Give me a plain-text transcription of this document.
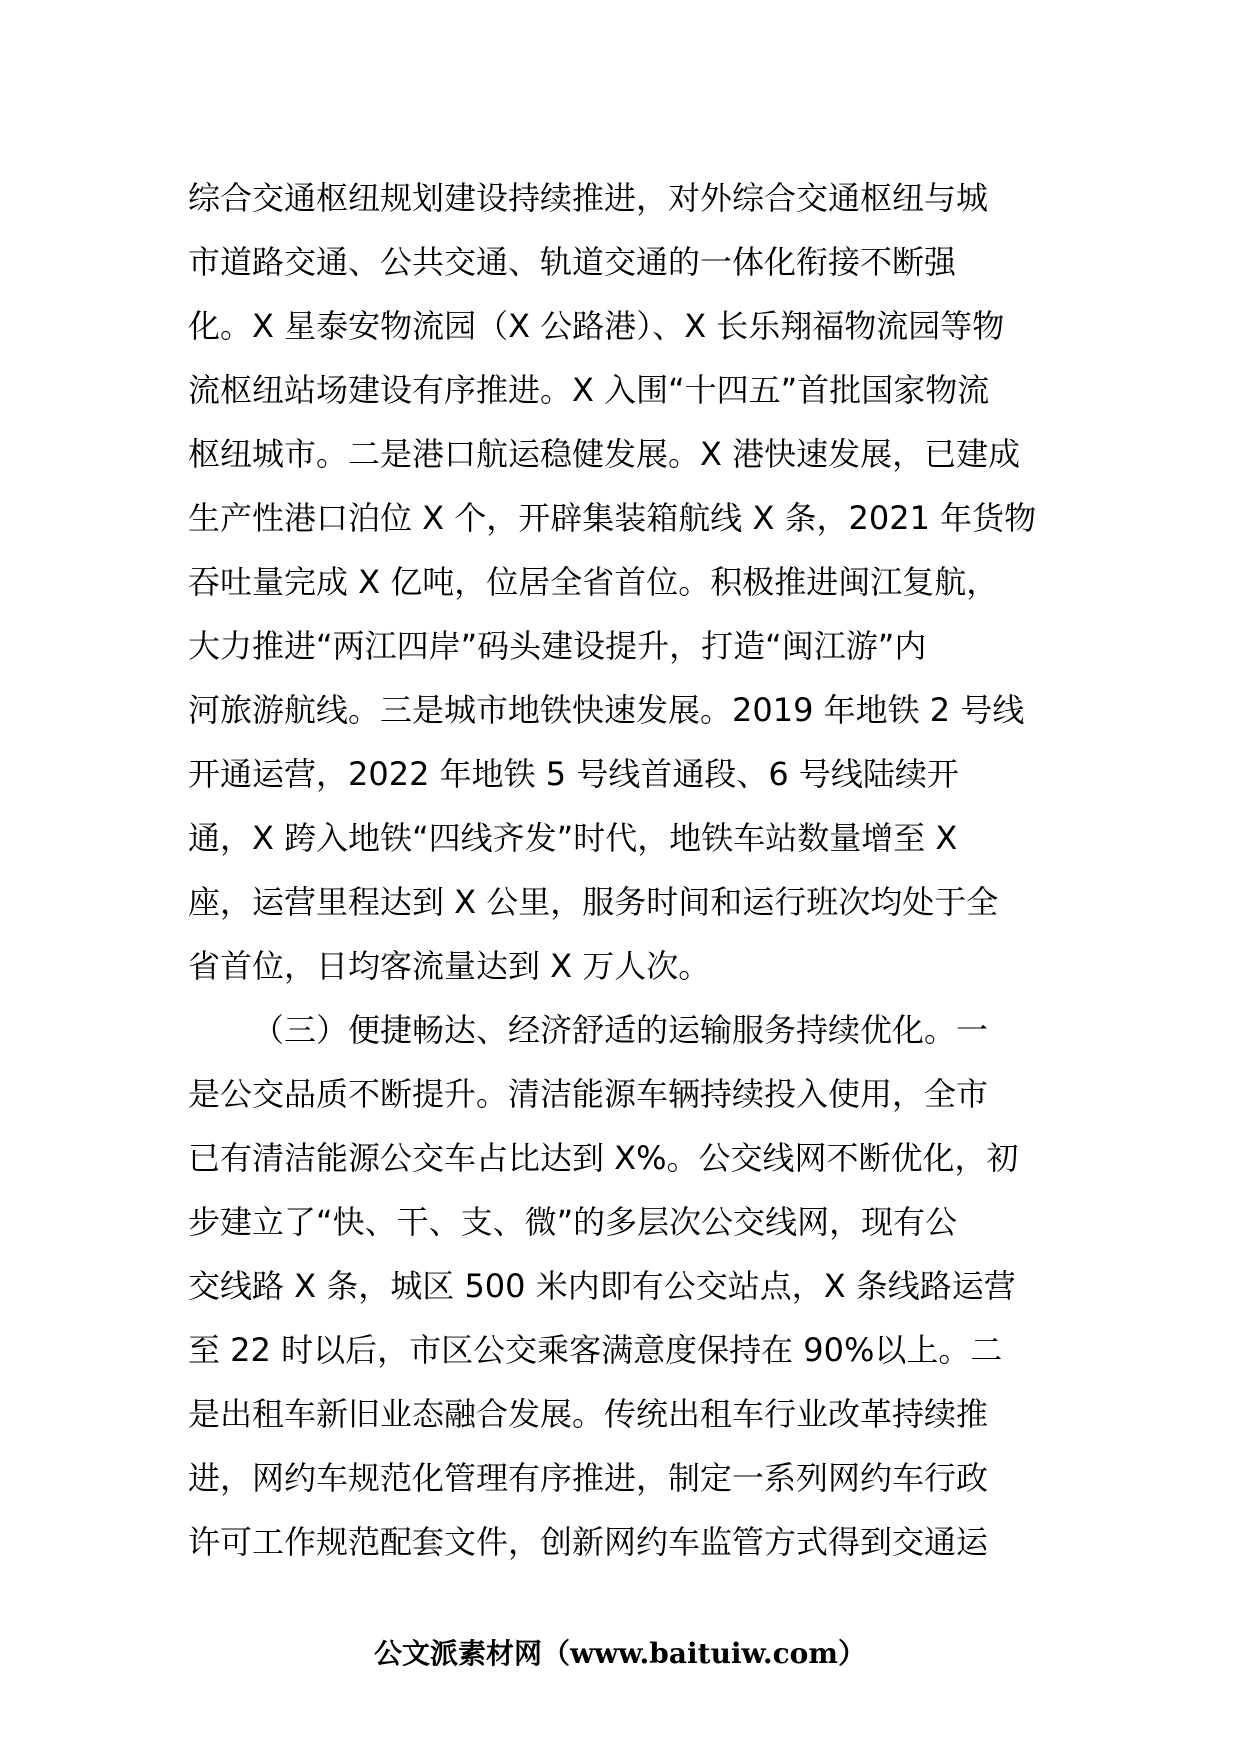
综合交通枢纽规划建设持续推进，对外综合交通枢纽与城
市道路交通、公共交通、轨道交通的一体化衔接不断强
化。X 星泰安物流园（X 公路港）、X 长乐翔福物流园等物
流枢纽站场建设有序推进。X 入围“十四五”首批国家物流
枢纽城市。二是港口航运稳健发展。X 港快速发展，已建成
生产性港口泊位 X 个，开辟集装箱航线 X 条，2021 年货物
吞吐量完成 X 亿吨，位居全省首位。积极推进闽江复航，
大力推进“两江四岸”码头建设提升，打造“闽江游”内
河旅游航线。三是城市地铁快速发展。2019 年地铁 2 号线
开通运营，2022 年地铁 5 号线首通段、6 号线陆续开
通，X 跨入地铁“四线齐发”时代，地铁车站数量增至 X
座，运营里程达到 X 公里，服务时间和运行班次均处于全
省首位，日均客流量达到 X 万人次。
（三）便捷畅达、经济舒适的运输服务持续优化。一
是公交品质不断提升。清洁能源车辆持续投入使用，全市
已有清洁能源公交车占比达到 X%。公交线网不断优化，初
步建立了“快、干、支、微”的多层次公交线网，现有公
交线路 X 条，城区 500 米内即有公交站点，X 条线路运营
至 22 时以后，市区公交乘客满意度保持在 90%以上。二
是出租车新旧业态融合发展。传统出租车行业改革持续推
进，网约车规范化管理有序推进，制定一系列网约车行政
许可工作规范配套文件，创新网约车监管方式得到交通运
公文派素材网（www.baituiw.com）
